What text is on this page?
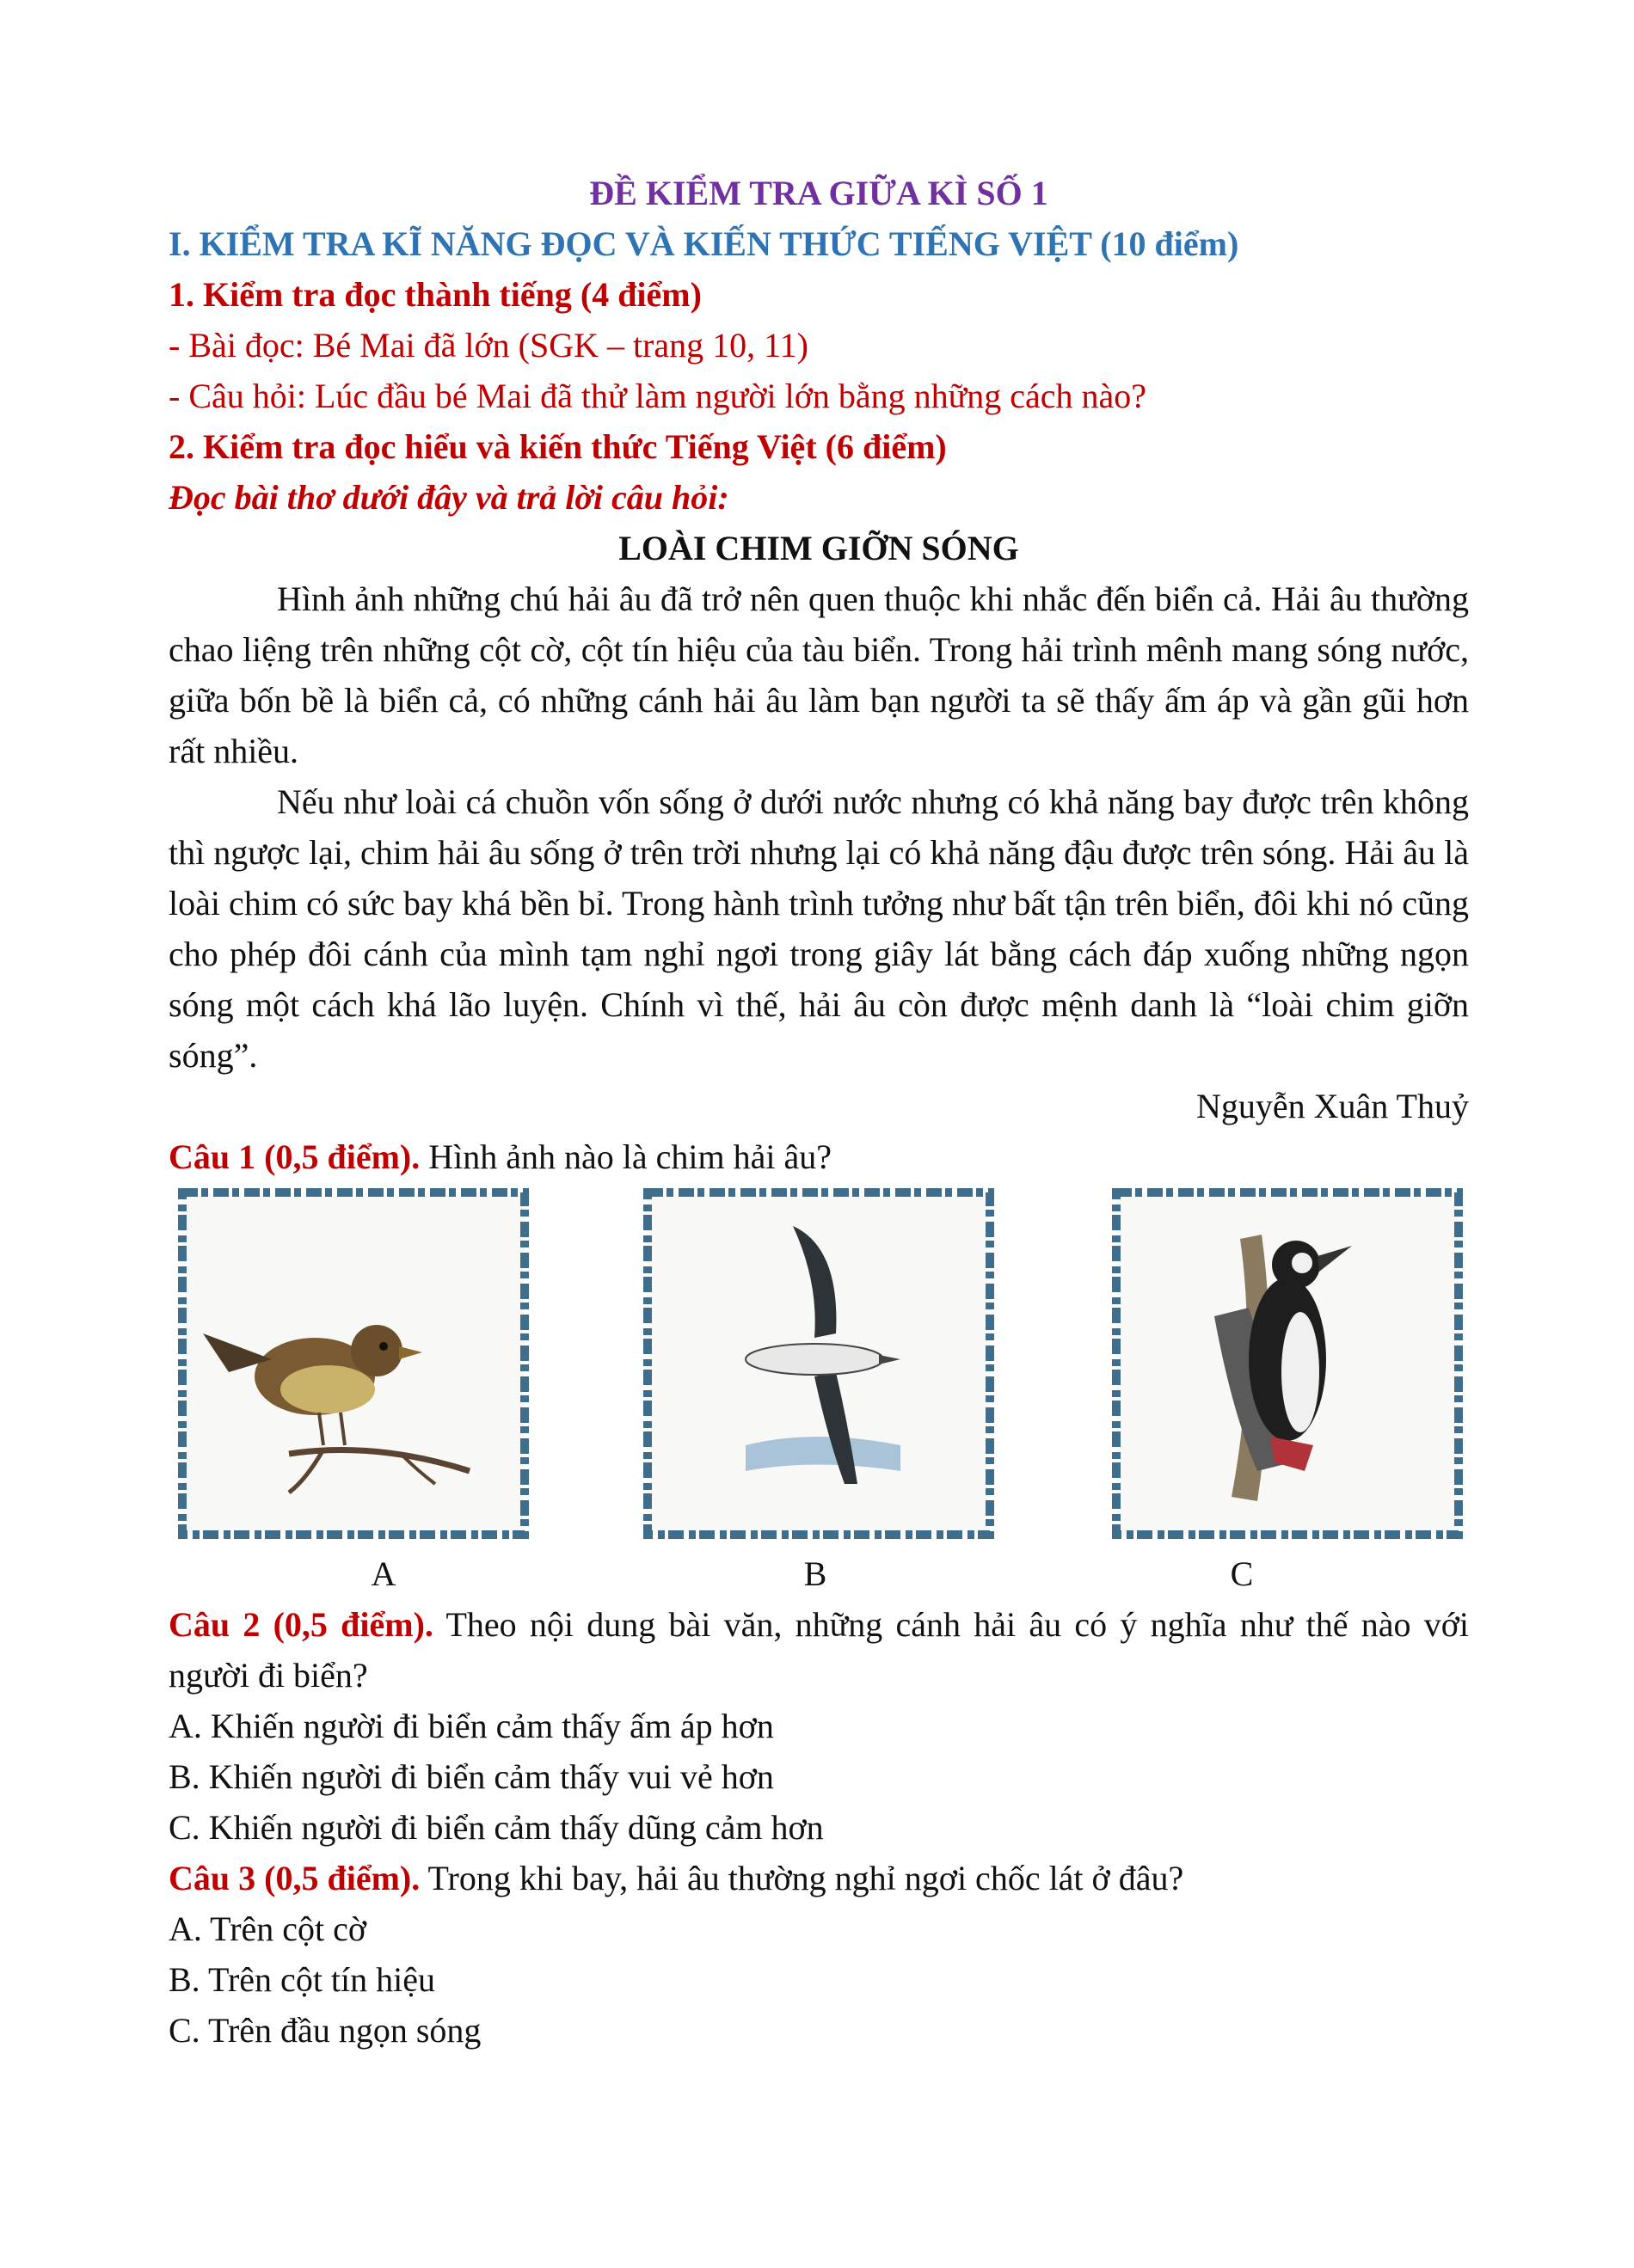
ĐỀ KIỂM TRA GIỮA KÌ SỐ 1

I. KIỂM TRA KĨ NĂNG ĐỌC VÀ KIẾN THỨC TIẾNG VIỆT (10 điểm)

1. Kiểm tra đọc thành tiếng (4 điểm)

- Bài đọc: Bé Mai đã lớn (SGK – trang 10, 11)

- Câu hỏi: Lúc đầu bé Mai đã thử làm người lớn bằng những cách nào?

2. Kiểm tra đọc hiểu và kiến thức Tiếng Việt (6 điểm)

Đọc bài thơ dưới đây và trả lời câu hỏi:

LOÀI CHIM GIỠN SÓNG

Hình ảnh những chú hải âu đã trở nên quen thuộc khi nhắc đến biển cả. Hải âu thường chao liệng trên những cột cờ, cột tín hiệu của tàu biển. Trong hải trình mênh mang sóng nước, giữa bốn bề là biển cả, có những cánh hải âu làm bạn người ta sẽ thấy ấm áp và gần gũi hơn rất nhiều.

Nếu như loài cá chuồn vốn sống ở dưới nước nhưng có khả năng bay được trên không thì ngược lại, chim hải âu sống ở trên trời nhưng lại có khả năng đậu được trên sóng. Hải âu là loài chim có sức bay khá bền bỉ. Trong hành trình tưởng như bất tận trên biển, đôi khi nó cũng cho phép đôi cánh của mình tạm nghỉ ngơi trong giây lát bằng cách đáp xuống những ngọn sóng một cách khá lão luyện. Chính vì thế, hải âu còn được mệnh danh là “loài chim giỡn sóng”.

Nguyễn Xuân Thuỷ

Câu 1 (0,5 điểm). Hình ảnh nào là chim hải âu?

A	B	C

Câu 2 (0,5 điểm). Theo nội dung bài văn, những cánh hải âu có ý nghĩa như thế nào với người đi biển?

A. Khiến người đi biển cảm thấy ấm áp hơn

B. Khiến người đi biển cảm thấy vui vẻ hơn

C. Khiến người đi biển cảm thấy dũng cảm hơn

Câu 3 (0,5 điểm). Trong khi bay, hải âu thường nghỉ ngơi chốc lát ở đâu?

A. Trên cột cờ

B. Trên cột tín hiệu

C. Trên đầu ngọn sóng
